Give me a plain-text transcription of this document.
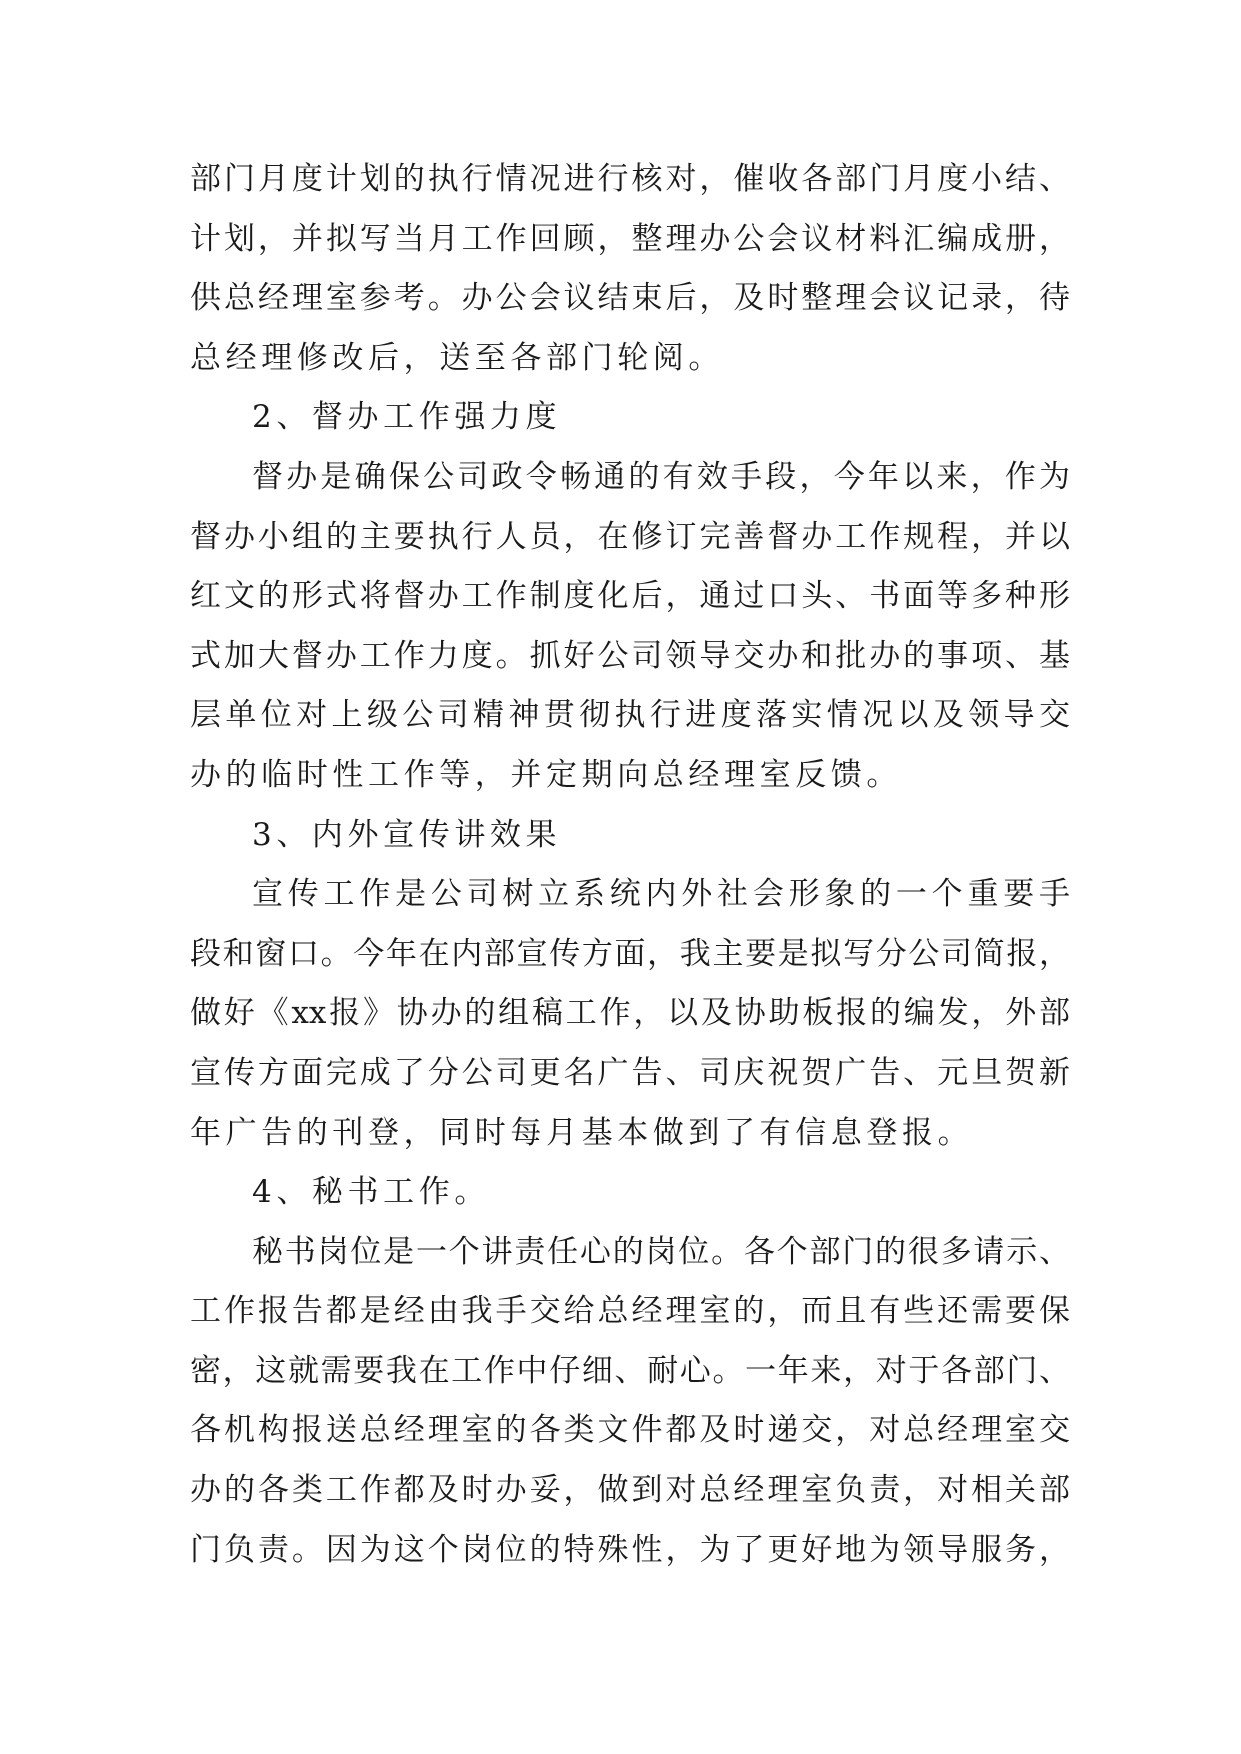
部门月度计划的执行情况进行核对，催收各部门月度小结、
计划，并拟写当月工作回顾，整理办公会议材料汇编成册，
供总经理室参考。办公会议结束后，及时整理会议记录，待
总经理修改后，送至各部门轮阅。
2、督办工作强力度
督办是确保公司政令畅通的有效手段，今年以来，作为
督办小组的主要执行人员，在修订完善督办工作规程，并以
红文的形式将督办工作制度化后，通过口头、书面等多种形
式加大督办工作力度。抓好公司领导交办和批办的事项、基
层单位对上级公司精神贯彻执行进度落实情况以及领导交
办的临时性工作等，并定期向总经理室反馈。
3、内外宣传讲效果
宣传工作是公司树立系统内外社会形象的一个重要手
段和窗口。今年在内部宣传方面，我主要是拟写分公司简报，
做好《xx报》协办的组稿工作，以及协助板报的编发，外部
宣传方面完成了分公司更名广告、司庆祝贺广告、元旦贺新
年广告的刊登，同时每月基本做到了有信息登报。
4、秘书工作。
秘书岗位是一个讲责任心的岗位。各个部门的很多请示、
工作报告都是经由我手交给总经理室的，而且有些还需要保
密，这就需要我在工作中仔细、耐心。一年来，对于各部门、
各机构报送总经理室的各类文件都及时递交，对总经理室交
办的各类工作都及时办妥，做到对总经理室负责，对相关部
门负责。因为这个岗位的特殊性，为了更好地为领导服务，
